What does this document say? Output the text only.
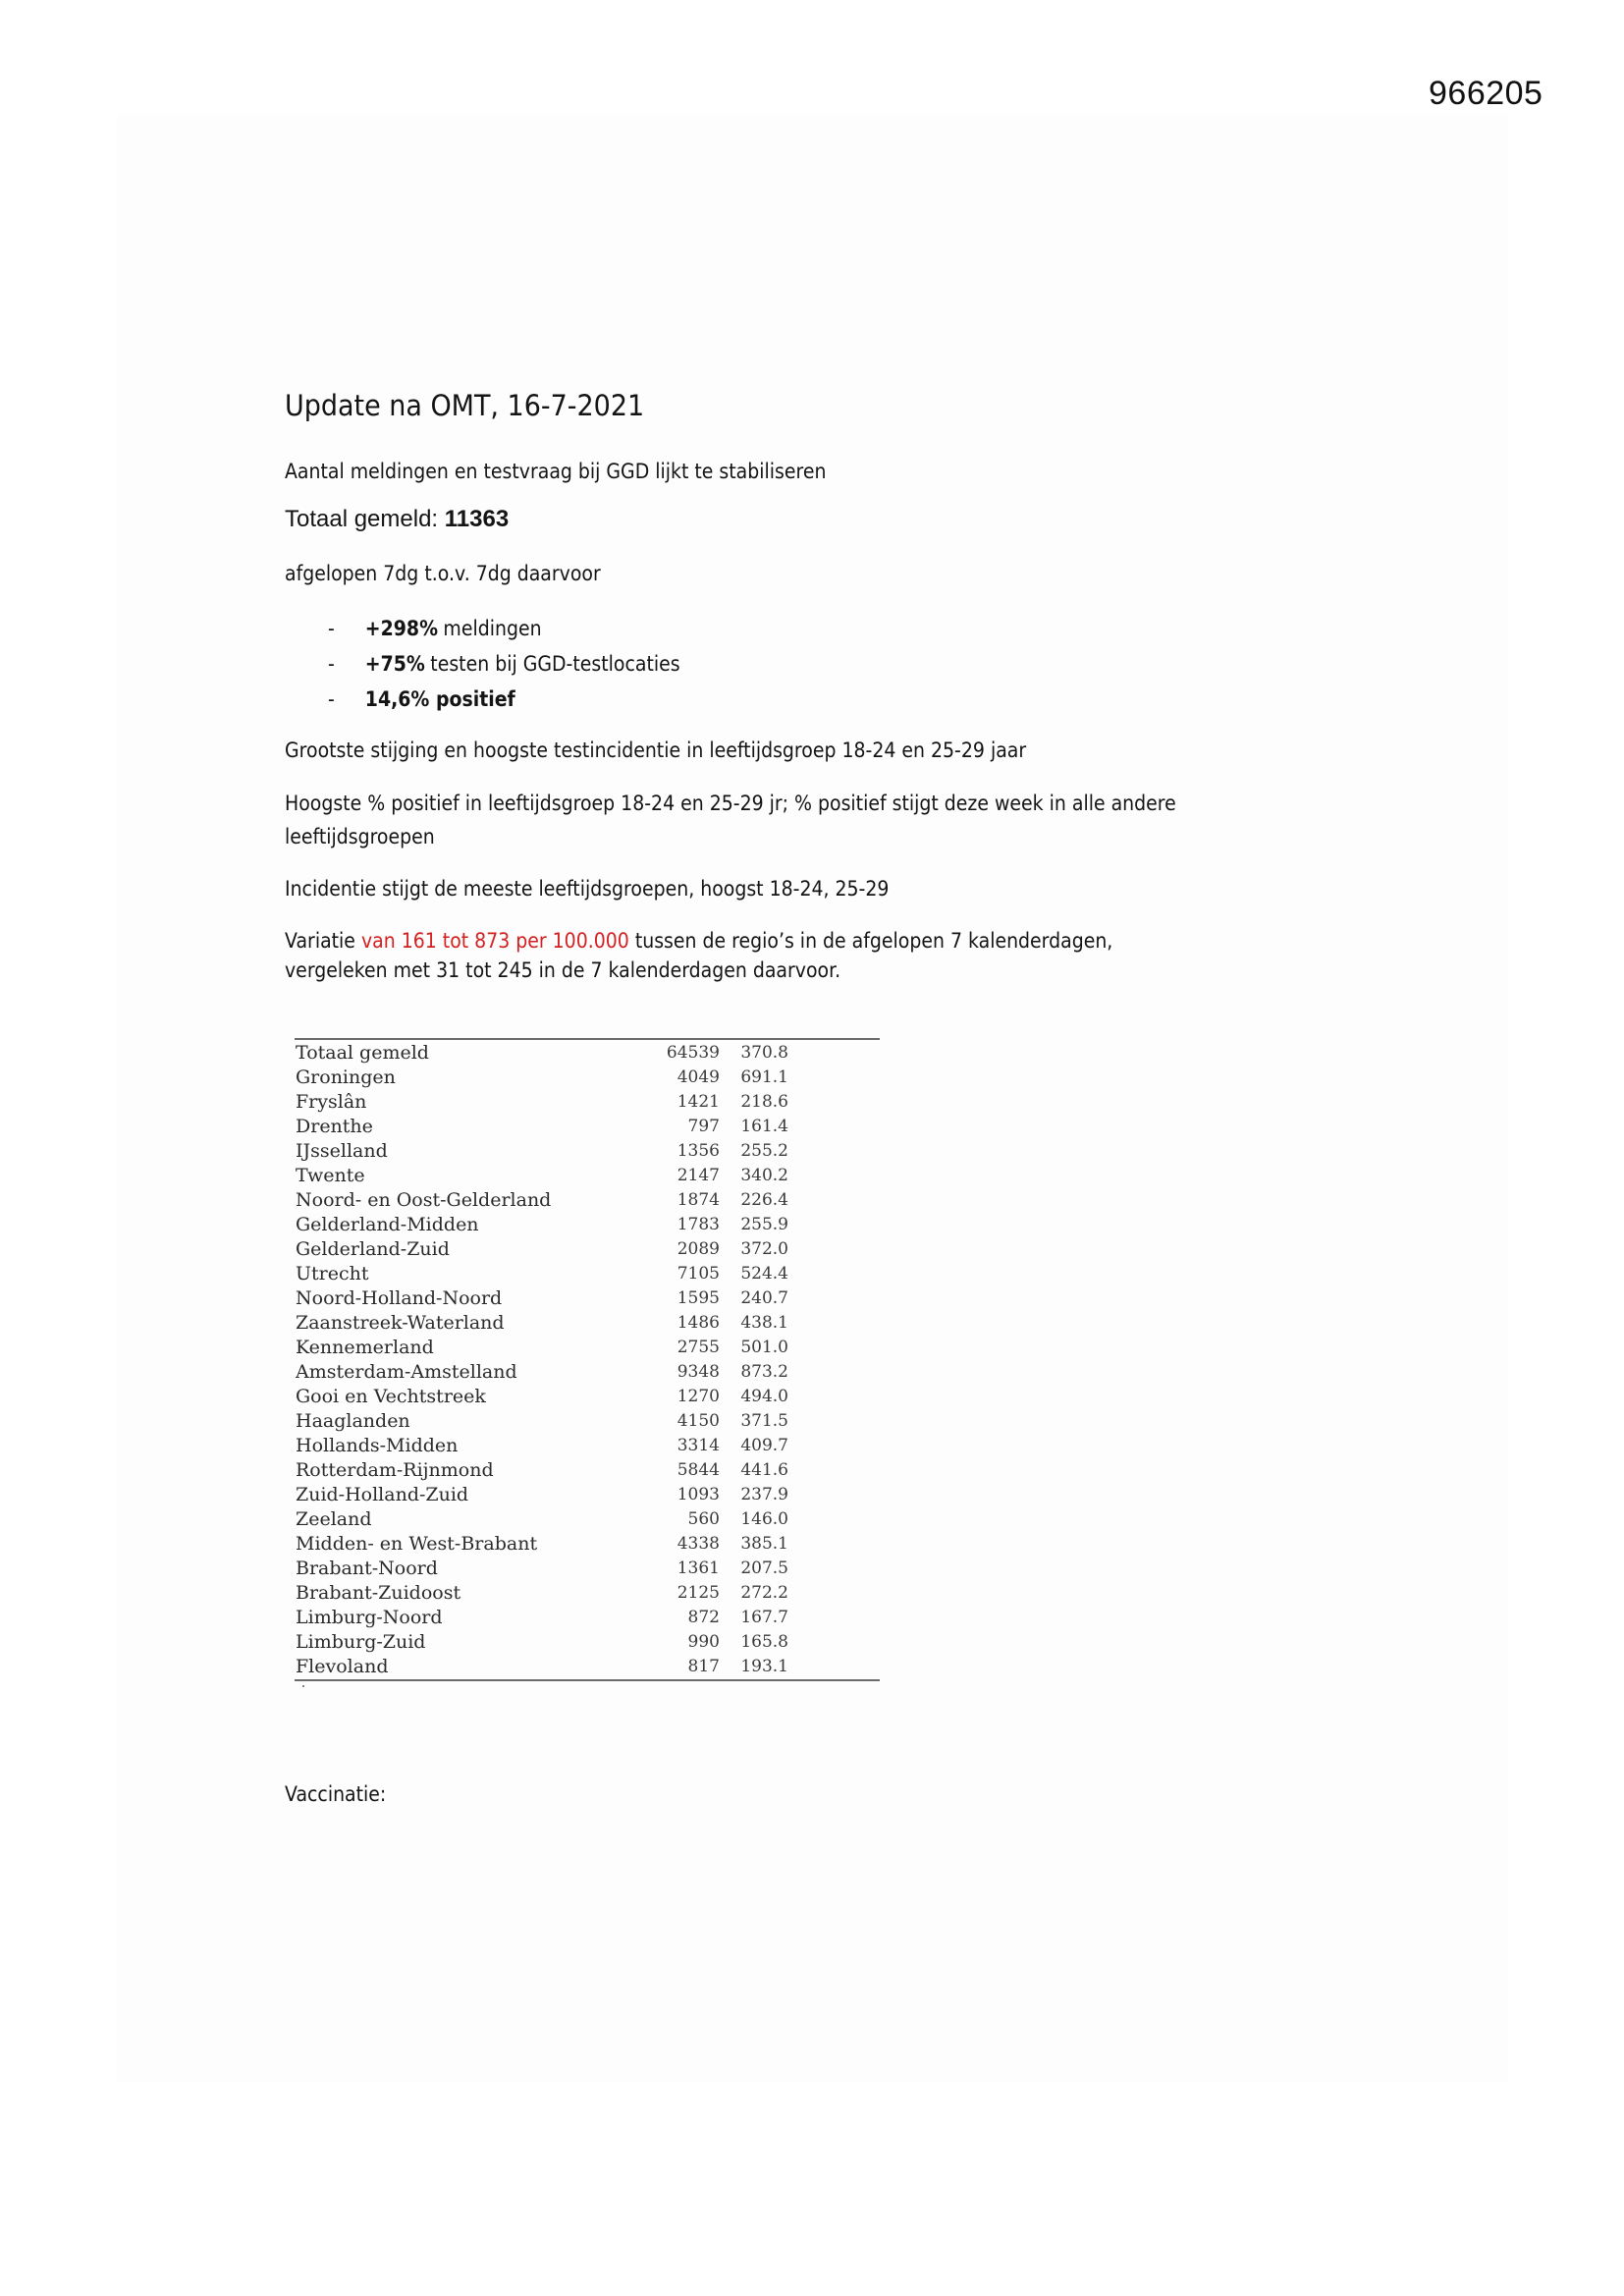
966205
Update na OMT, 16-7-2021
Aantal meldingen en testvraag bij GGD lijkt te stabiliseren
Totaal gemeld: 11363
afgelopen 7dg t.o.v. 7dg daarvoor
-	+298% meldingen
-	+75% testen bij GGD-testlocaties
-	14,6% positief
Grootste stijging en hoogste testincidentie in leeftijdsgroep 18-24 en 25-29 jaar
Hoogste % positief in leeftijdsgroep 18-24 en 25-29 jr; % positief stijgt deze week in alle andere
leeftijdsgroepen
Incidentie stijgt de meeste leeftijdsgroepen, hoogst 18-24, 25-29
Variatie van 161 tot 873 per 100.000 tussen de regio’s in de afgelopen 7 kalenderdagen,
vergeleken met 31 tot 245 in de 7 kalenderdagen daarvoor.
Vaccinatie:
Totaal gemeld	64539	370.8
Groningen	4049	691.1
Fryslân	1421	218.6
Drenthe	797	161.4
IJsselland	1356	255.2
Twente	2147	340.2
Noord- en Oost-Gelderland	1874	226.4
Gelderland-Midden	1783	255.9
Gelderland-Zuid	2089	372.0
Utrecht	7105	524.4
Noord-Holland-Noord	1595	240.7
Zaanstreek-Waterland	1486	438.1
Kennemerland	2755	501.0
Amsterdam-Amstelland	9348	873.2
Gooi en Vechtstreek	1270	494.0
Haaglanden	4150	371.5
Hollands-Midden	3314	409.7
Rotterdam-Rijnmond	5844	441.6
Zuid-Holland-Zuid	1093	237.9
Zeeland	560	146.0
Midden- en West-Brabant	4338	385.1
Brabant-Noord	1361	207.5
Brabant-Zuidoost	2125	272.2
Limburg-Noord	872	167.7
Limburg-Zuid	990	165.8
Flevoland	817	193.1
